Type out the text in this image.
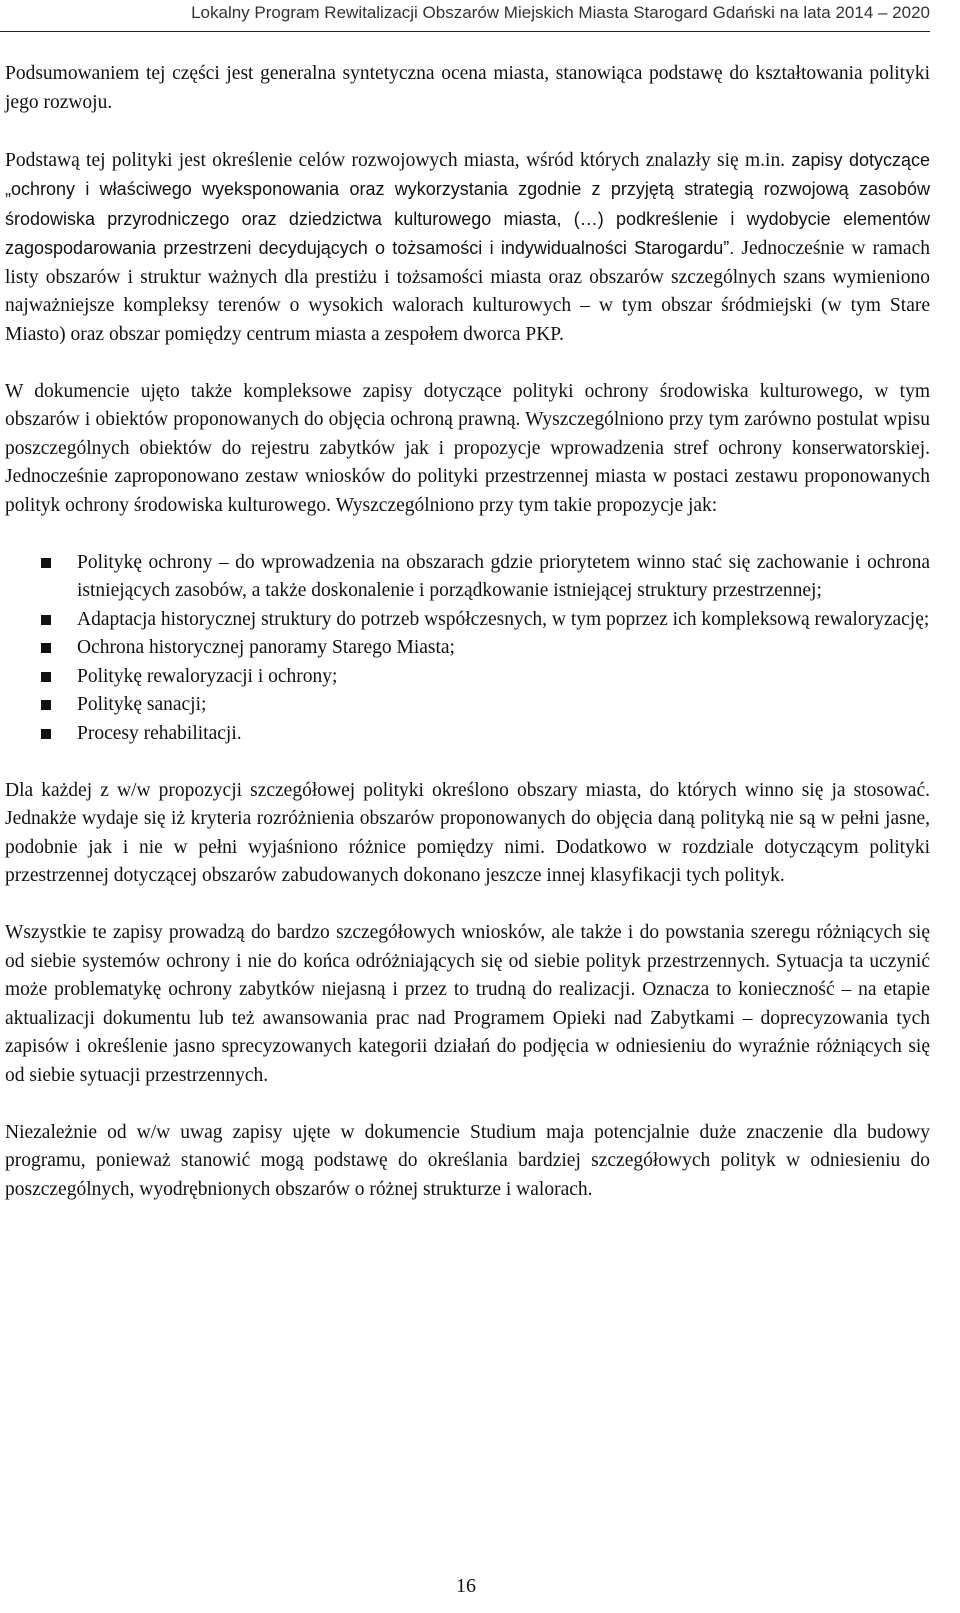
Lokalny Program Rewitalizacji Obszarów Miejskich Miasta Starogard Gdański na lata 2014 – 2020

Podsumowaniem tej części jest generalna syntetyczna ocena miasta, stanowiąca podstawę do kształtowania polityki jego rozwoju.

Podstawą tej polityki jest określenie celów rozwojowych miasta, wśród których znalazły się m.in. zapisy dotyczące „ochrony i właściwego wyeksponowania oraz wykorzystania zgodnie z przyjętą strategią rozwojową zasobów środowiska przyrodniczego oraz dziedzictwa kulturowego miasta, (…) podkreślenie i wydobycie elementów zagospodarowania przestrzeni decydujących o tożsamości i indywidualności Starogardu”. Jednocześnie w ramach listy obszarów i struktur ważnych dla prestiżu i tożsamości miasta oraz obszarów szczególnych szans wymieniono najważniejsze kompleksy terenów o wysokich walorach kulturowych – w tym obszar śródmiejski (w tym Stare Miasto) oraz obszar pomiędzy centrum miasta a zespołem dworca PKP.

W dokumencie ujęto także kompleksowe zapisy dotyczące polityki ochrony środowiska kulturowego, w tym obszarów i obiektów proponowanych do objęcia ochroną prawną. Wyszczególniono przy tym zarówno postulat wpisu poszczególnych obiektów do rejestru zabytków jak i propozycje wprowadzenia stref ochrony konserwatorskiej. Jednocześnie zaproponowano zestaw wniosków do polityki przestrzennej miasta w postaci zestawu proponowanych polityk ochrony środowiska kulturowego. Wyszczególniono przy tym takie propozycje jak:

Politykę ochrony – do wprowadzenia na obszarach gdzie priorytetem winno stać się zachowanie i ochrona istniejących zasobów, a także doskonalenie i porządkowanie istniejącej struktury przestrzennej;
Adaptacja historycznej struktury do potrzeb współczesnych, w tym poprzez ich kompleksową rewaloryzację;
Ochrona historycznej panoramy Starego Miasta;
Politykę rewaloryzacji i ochrony;
Politykę sanacji;
Procesy rehabilitacji.

Dla każdej z w/w propozycji szczegółowej polityki określono obszary miasta, do których winno się ja stosować. Jednakże wydaje się iż kryteria rozróżnienia obszarów proponowanych do objęcia daną polityką nie są w pełni jasne, podobnie jak i nie w pełni wyjaśniono różnice pomiędzy nimi. Dodatkowo w rozdziale dotyczącym polityki przestrzennej dotyczącej obszarów zabudowanych dokonano jeszcze innej klasyfikacji tych polityk.

Wszystkie te zapisy prowadzą do bardzo szczegółowych wniosków, ale także i do powstania szeregu różniących się od siebie systemów ochrony i nie do końca odróżniających się od siebie polityk przestrzennych. Sytuacja ta uczynić może problematykę ochrony zabytków niejasną i przez to trudną do realizacji. Oznacza to konieczność – na etapie aktualizacji dokumentu lub też awansowania prac nad Programem Opieki nad Zabytkami – doprecyzowania tych zapisów i określenie jasno sprecyzowanych kategorii działań do podjęcia w odniesieniu do wyraźnie różniących się od siebie sytuacji przestrzennych.

Niezależnie od w/w uwag zapisy ujęte w dokumencie Studium maja potencjalnie duże znaczenie dla budowy programu, ponieważ stanowić mogą podstawę do określania bardziej szczegółowych polityk w odniesieniu do poszczególnych, wyodrębnionych obszarów o różnej strukturze i walorach.

16
